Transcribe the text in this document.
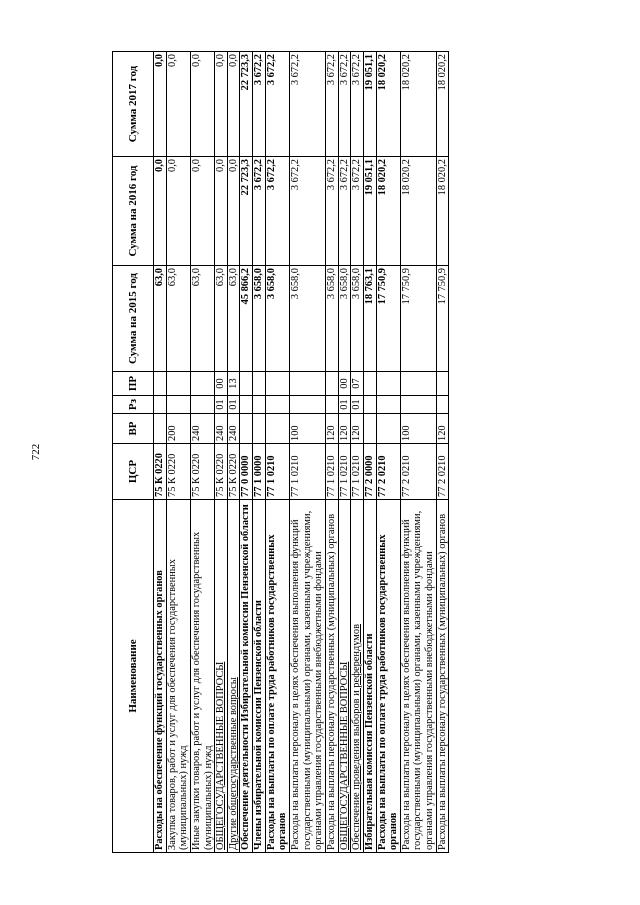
722
Наименование	ЦСР	ВР	Рз	ПР	Сумма на 2015 год	Сумма на 2016 год	Сумма 2017 год
Расходы на обеспечение функций государственных органов	75 К 0220				63,0	0,0	0,0
Закупка товаров, работ и услуг для обеспечения государственных (муниципальных) нужд	75 К 0220	200			63,0	0,0	0,0
Иные закупки товаров, работ и услуг для обеспечения государственных (муниципальных) нужд	75 К 0220	240			63,0	0,0	0,0
ОБЩЕГОСУДАРСТВЕННЫЕ ВОПРОСЫ	75 К 0220	240	01	00	63,0	0,0	0,0
Другие общегосударственные вопросы	75 К 0220	240	01	13	63,0	0,0	0,0
Обеспечение деятельности Избирательной комиссии Пензенской области	77 0 0000				45 866,2	22 723,3	22 723,3
Члены избирательной комиссии Пензенской области	77 1 0000				3 658,0	3 672,2	3 672,2
Расходы на выплаты по оплате труда работников государственных органов	77 1 0210				3 658,0	3 672,2	3 672,2
Расходы на выплаты персоналу в целях обеспечения выполнения функций государственными (муниципальными) органами, казенными учреждениями, органами управления государственными внебюджетными фондами	77 1 0210	100			3 658,0	3 672,2	3 672,2
Расходы на выплаты персоналу государственных (муниципальных) органов	77 1 0210	120			3 658,0	3 672,2	3 672,2
ОБЩЕГОСУДАРСТВЕННЫЕ ВОПРОСЫ	77 1 0210	120	01	00	3 658,0	3 672,2	3 672,2
Обеспечение проведения выборов и референдумов	77 1 0210	120	01	07	3 658,0	3 672,2	3 672,2
Избирательная комиссия Пензенской области	77 2 0000				18 763,1	19 051,1	19 051,1
Расходы на выплаты по оплате труда работников государственных органов	77 2 0210				17 750,9	18 020,2	18 020,2
Расходы на выплаты персоналу в целях обеспечения выполнения функций государственными (муниципальными) органами, казенными учреждениями, органами управления государственными внебюджетными фондами	77 2 0210	100			17 750,9	18 020,2	18 020,2
Расходы на выплаты персоналу государственных (муниципальных) органов	77 2 0210	120			17 750,9	18 020,2	18 020,2
